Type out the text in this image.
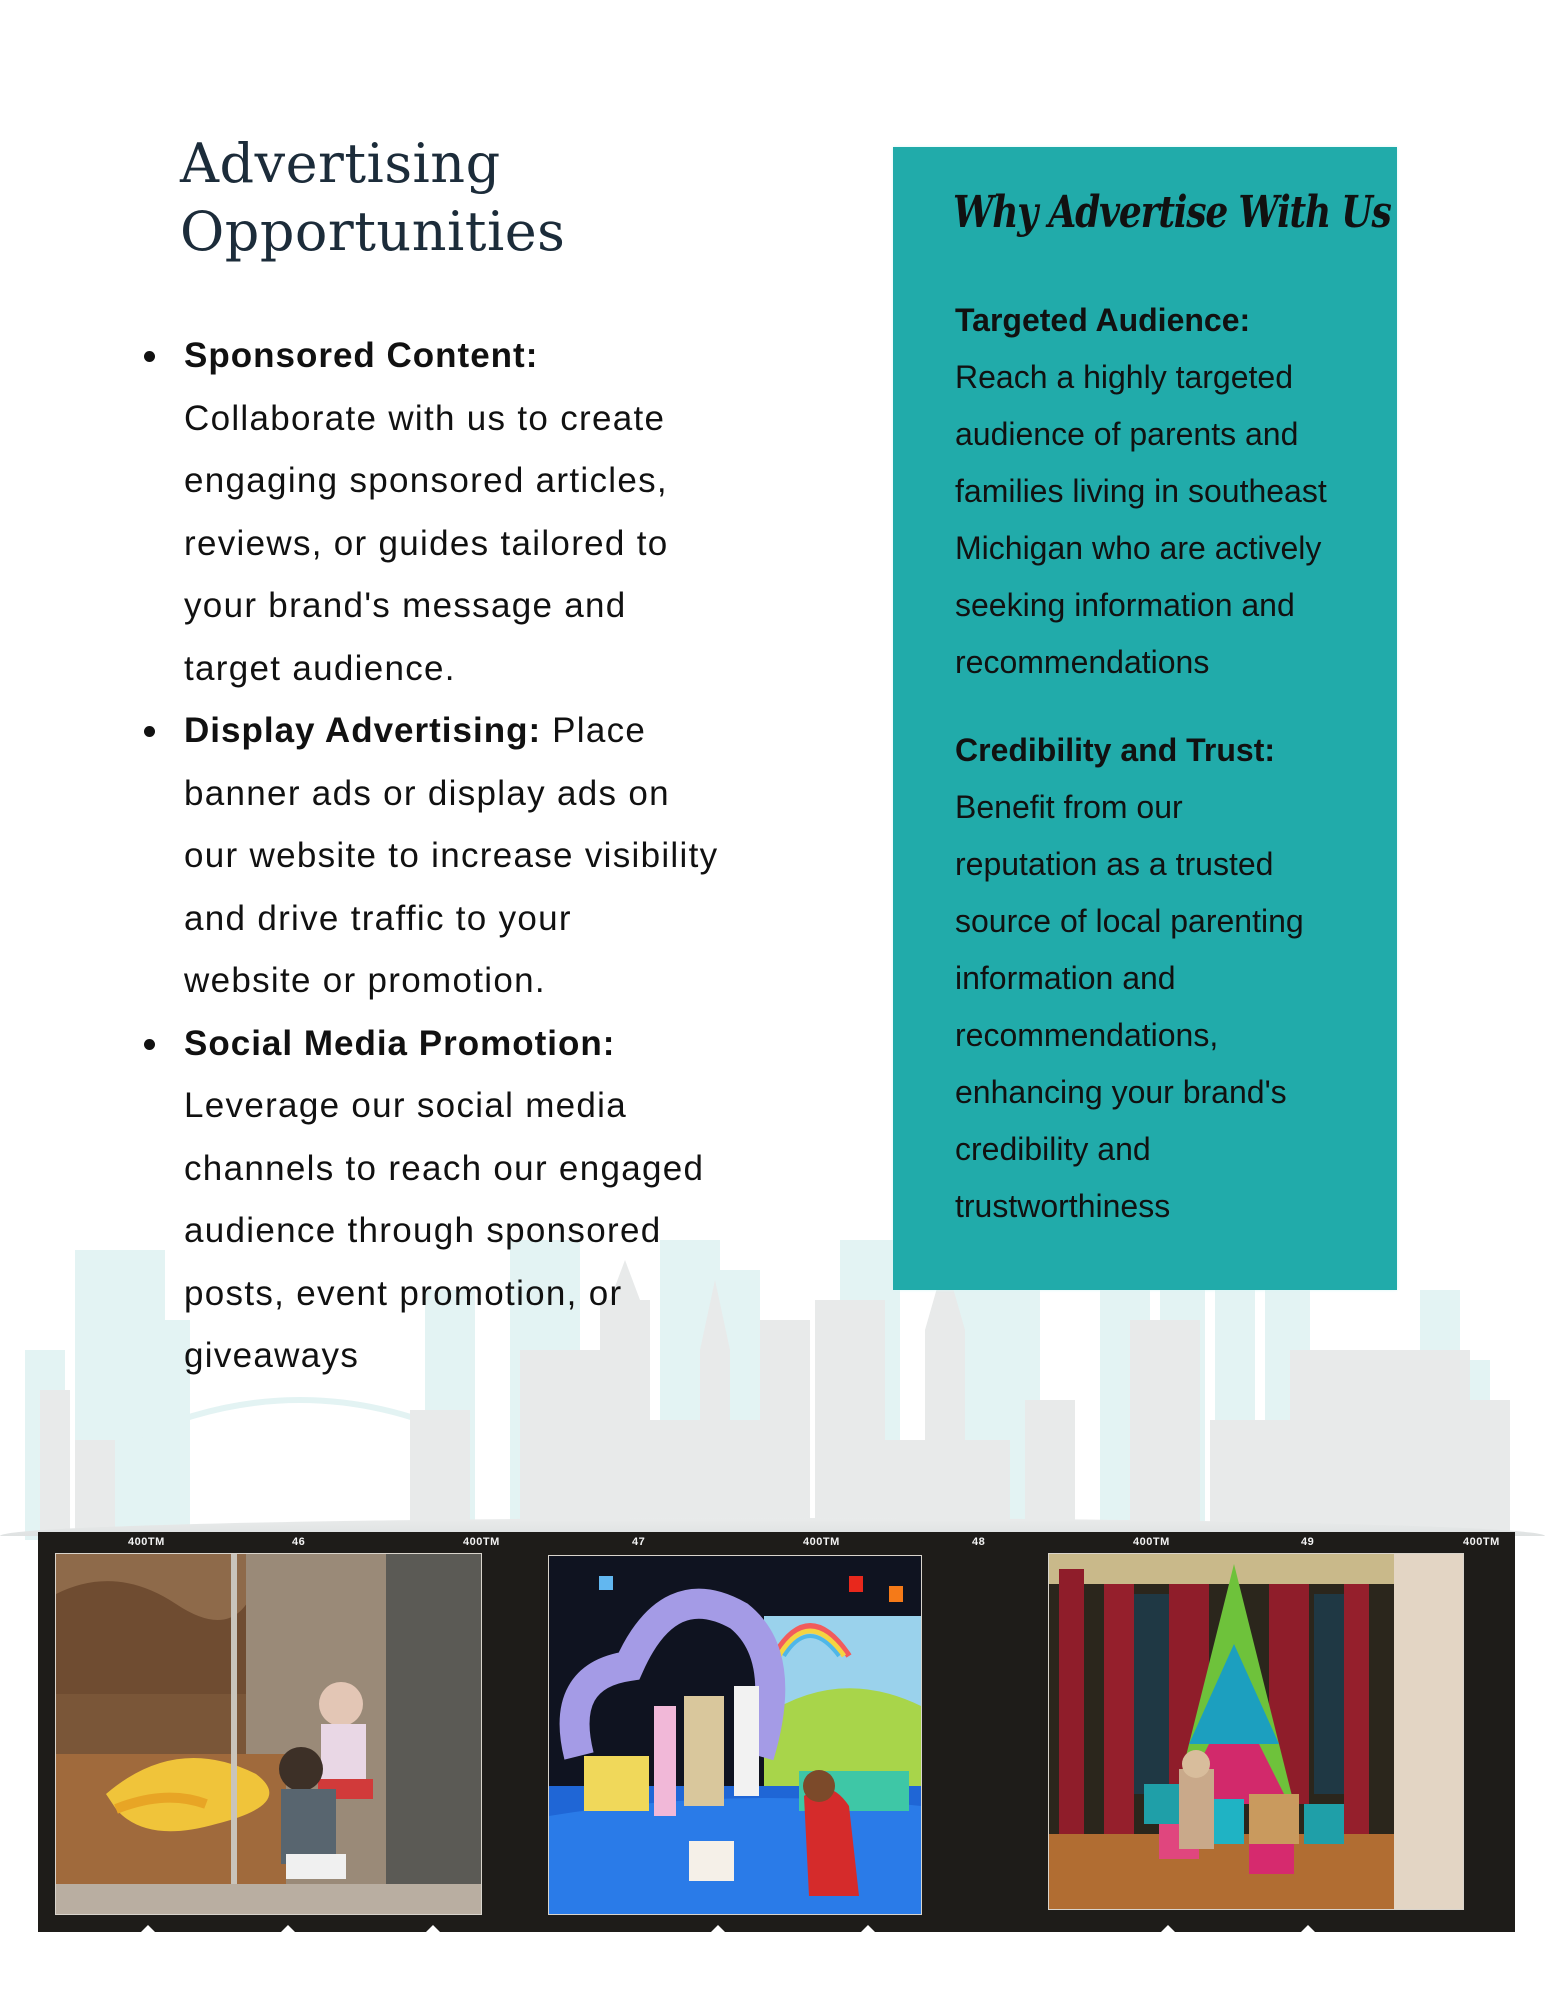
Advertising
Opportunities
Sponsored Content:
Collaborate with us to create
engaging sponsored articles,
reviews, or guides tailored to
your brand's message and
target audience.
Display Advertising: Place
banner ads or display ads on
our website to increase visibility
and drive traffic to your
website or promotion.
Social Media Promotion:
Leverage our social media
channels to reach our engaged
audience through sponsored
posts, event promotion, or
giveaways
Why Advertise With Us
Targeted Audience:
Reach a highly targeted
audience of parents and
families living in southeast
Michigan who are actively
seeking information and
recommendations
Credibility and Trust:
Benefit from our
reputation as a trusted
source of local parenting
information and
recommendations,
enhancing your brand's
credibility and
trustworthiness
400TM	46	400TM	47	400TM	48	400TM	49	400TM
